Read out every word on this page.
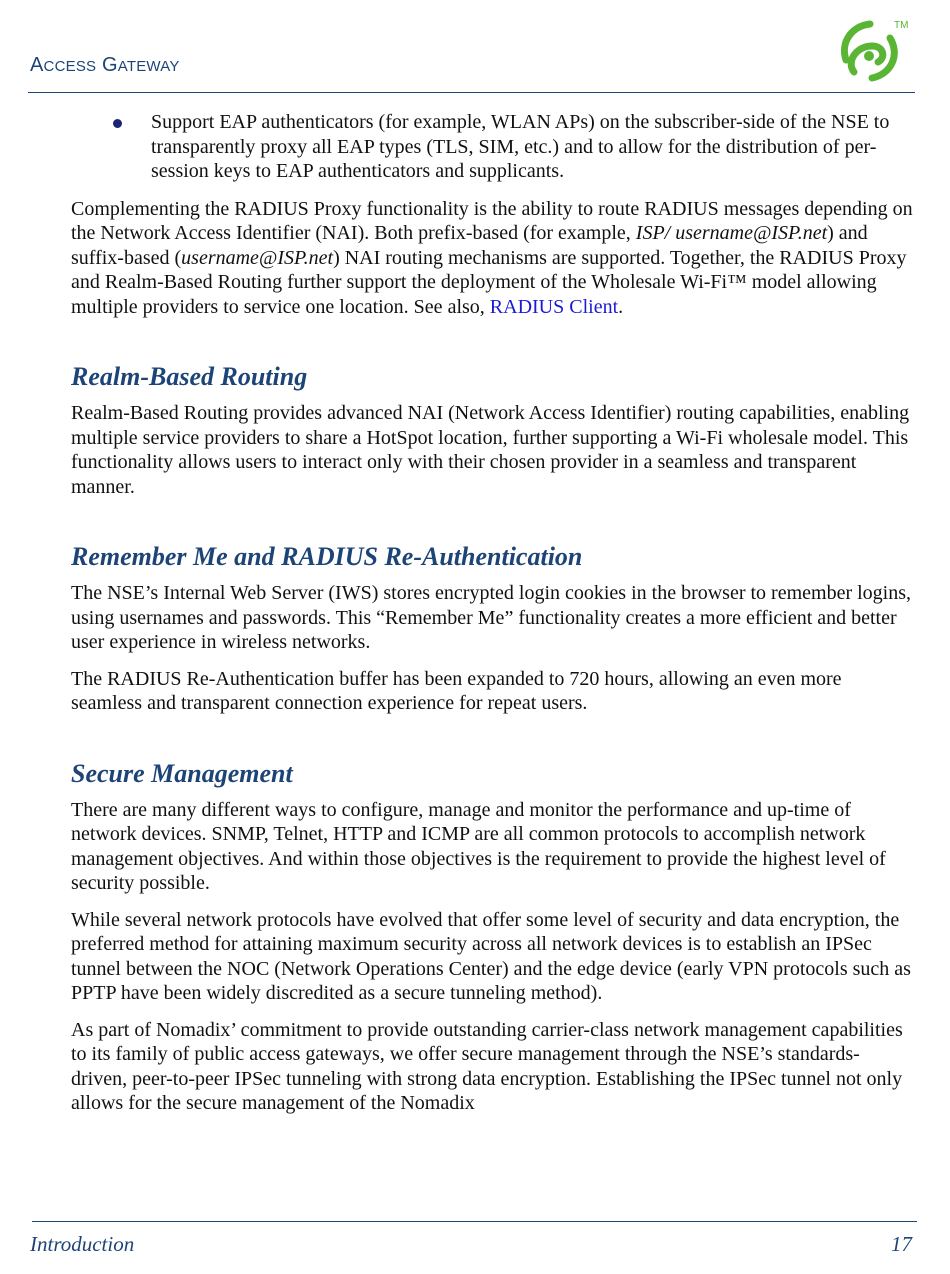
ACCESS GATEWAY
TM

Support EAP authenticators (for example, WLAN APs) on the subscriber-side of the NSE to transparently proxy all EAP types (TLS, SIM, etc.) and to allow for the distribution of per-session keys to EAP authenticators and supplicants.

Complementing the RADIUS Proxy functionality is the ability to route RADIUS messages depending on the Network Access Identifier (NAI). Both prefix-based (for example, ISP/ username@ISP.net) and suffix-based (username@ISP.net) NAI routing mechanisms are supported. Together, the RADIUS Proxy and Realm-Based Routing further support the deployment of the Wholesale Wi-Fi™ model allowing multiple providers to service one location. See also, RADIUS Client.

Realm-Based Routing

Realm-Based Routing provides advanced NAI (Network Access Identifier) routing capabilities, enabling multiple service providers to share a HotSpot location, further supporting a Wi-Fi wholesale model. This functionality allows users to interact only with their chosen provider in a seamless and transparent manner.

Remember Me and RADIUS Re-Authentication

The NSE’s Internal Web Server (IWS) stores encrypted login cookies in the browser to remember logins, using usernames and passwords. This “Remember Me” functionality creates a more efficient and better user experience in wireless networks.

The RADIUS Re-Authentication buffer has been expanded to 720 hours, allowing an even more seamless and transparent connection experience for repeat users.

Secure Management

There are many different ways to configure, manage and monitor the performance and up-time of network devices. SNMP, Telnet, HTTP and ICMP are all common protocols to accomplish network management objectives. And within those objectives is the requirement to provide the highest level of security possible.

While several network protocols have evolved that offer some level of security and data encryption, the preferred method for attaining maximum security across all network devices is to establish an IPSec tunnel between the NOC (Network Operations Center) and the edge device (early VPN protocols such as PPTP have been widely discredited as a secure tunneling method).

As part of Nomadix’ commitment to provide outstanding carrier-class network management capabilities to its family of public access gateways, we offer secure management through the NSE’s standards-driven, peer-to-peer IPSec tunneling with strong data encryption. Establishing the IPSec tunnel not only allows for the secure management of the Nomadix

Introduction	17
